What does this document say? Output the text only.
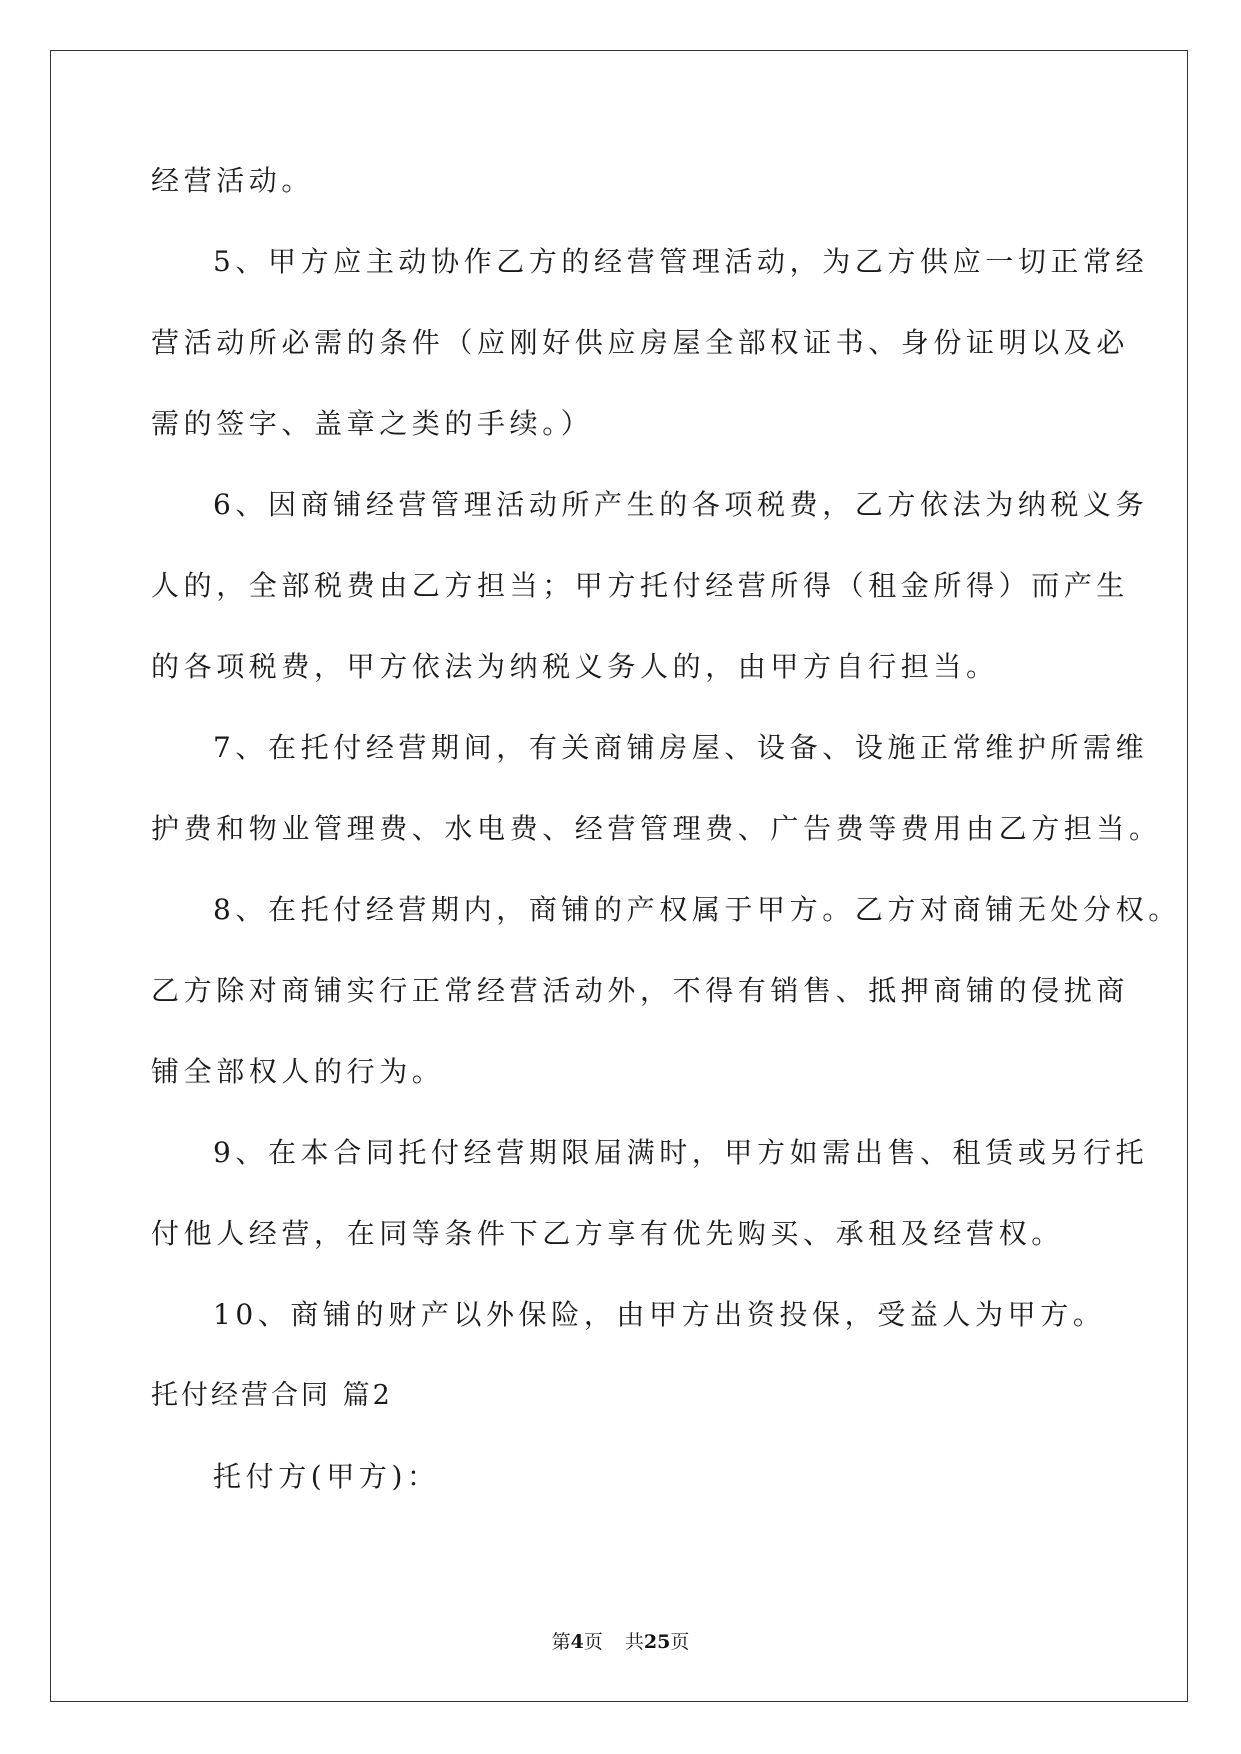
经营活动。
5、甲方应主动协作乙方的经营管理活动，为乙方供应一切正常经
营活动所必需的条件（应刚好供应房屋全部权证书、身份证明以及必
需的签字、盖章之类的手续。）
6、因商铺经营管理活动所产生的各项税费，乙方依法为纳税义务
人的，全部税费由乙方担当；甲方托付经营所得（租金所得）而产生
的各项税费，甲方依法为纳税义务人的，由甲方自行担当。
7、在托付经营期间，有关商铺房屋、设备、设施正常维护所需维
护费和物业管理费、水电费、经营管理费、广告费等费用由乙方担当。
8、在托付经营期内，商铺的产权属于甲方。乙方对商铺无处分权。
乙方除对商铺实行正常经营活动外，不得有销售、抵押商铺的侵扰商
铺全部权人的行为。
9、在本合同托付经营期限届满时，甲方如需出售、租赁或另行托
付他人经营，在同等条件下乙方享有优先购买、承租及经营权。
10、商铺的财产以外保险，由甲方出资投保，受益人为甲方。
托付经营合同 篇2
托付方(甲方)：
第4页 共25页
